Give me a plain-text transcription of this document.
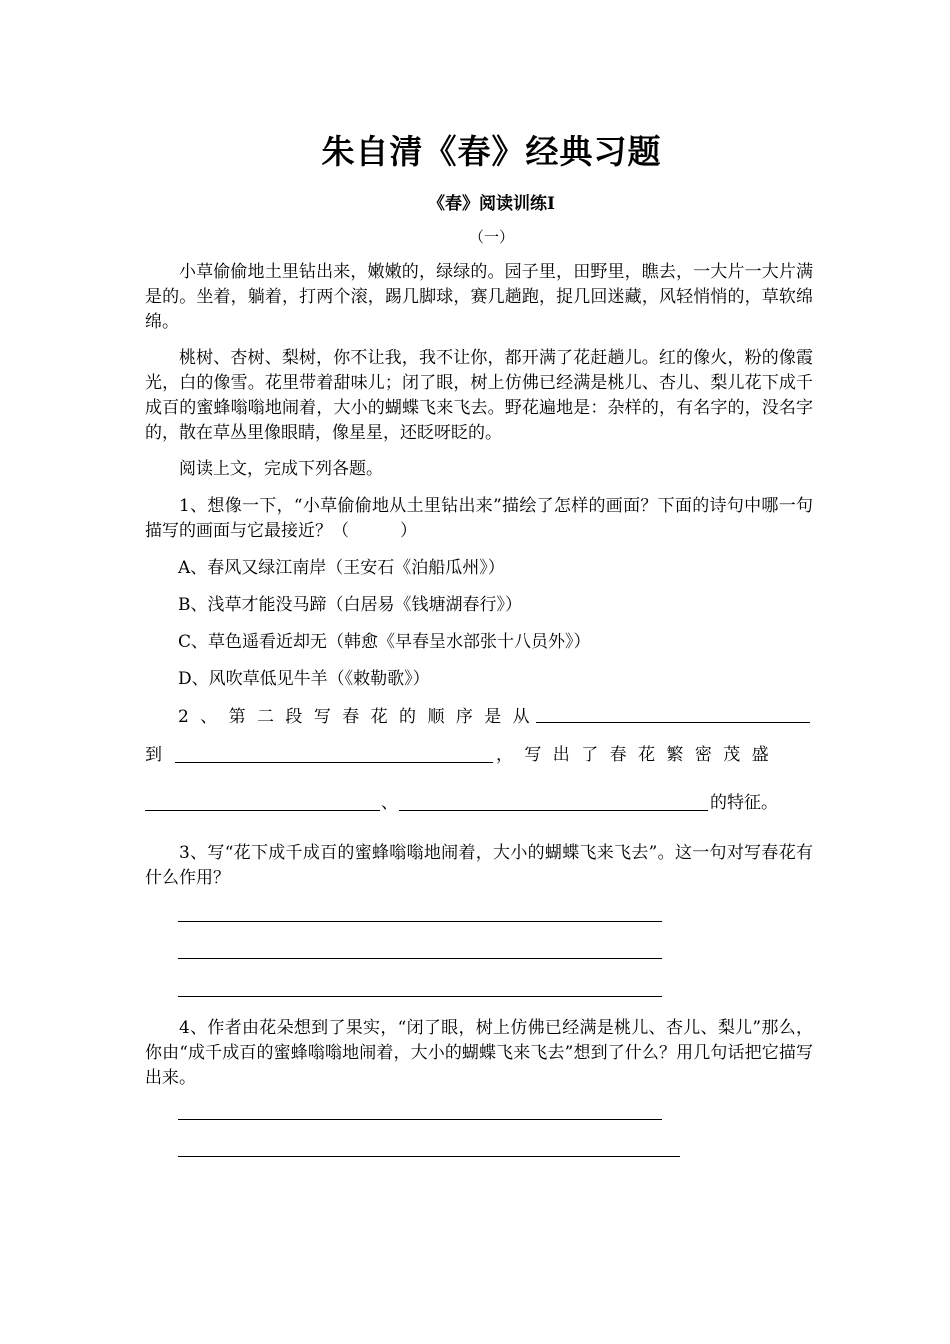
朱自清《春》经典习题
《春》阅读训练Ⅰ
（一）

小草偷偷地土里钻出来，嫩嫩的，绿绿的。园子里，田野里，瞧去，一大片一大片满是的。坐着，躺着，打两个滚，踢几脚球，赛几趟跑，捉几回迷藏，风轻悄悄的，草软绵绵。

桃树、杏树、梨树，你不让我，我不让你，都开满了花赶趟儿。红的像火，粉的像霞光，白的像雪。花里带着甜味儿；闭了眼，树上仿佛已经满是桃儿、杏儿、梨儿花下成千成百的蜜蜂嗡嗡地闹着，大小的蝴蝶飞来飞去。野花遍地是：杂样的，有名字的，没名字的，散在草丛里像眼睛，像星星，还眨呀眨的。

阅读上文，完成下列各题。

1、想像一下，“小草偷偷地从土里钻出来”描绘了怎样的画面？下面的诗句中哪一句描写的画面与它最接近？（　　　）

A、春风又绿江南岸（王安石《泊船瓜州》）
B、浅草才能没马蹄（白居易《钱塘湖春行》）
C、草色遥看近却无（韩愈《早春呈水部张十八员外》）
D、风吹草低见牛羊（《敕勒歌》）
2 、 第 二 段 写 春 花 的 顺 序 是 从
到	， 写 出 了 春 花 繁 密 茂 盛
、	的特征。

3、写“花下成千成百的蜜蜂嗡嗡地闹着，大小的蝴蝶飞来飞去”。这一句对写春花有什么作用？

4、作者由花朵想到了果实，“闭了眼，树上仿佛已经满是桃儿、杏儿、梨儿”那么，你由“成千成百的蜜蜂嗡嗡地闹着，大小的蝴蝶飞来飞去”想到了什么？用几句话把它描写出来。
